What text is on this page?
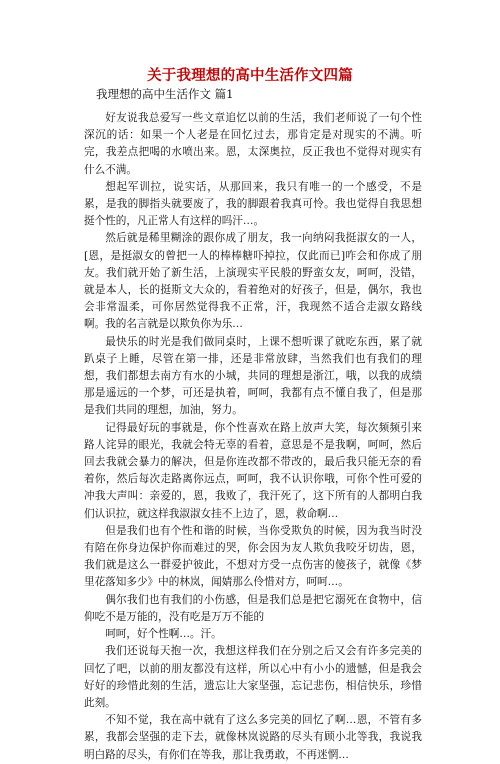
关于我理想的高中生活作文四篇
我理想的高中生活作文 篇1

好友说我总爱写一些文章追忆以前的生活，我们老师说了一句个性深沉的话：如果一个人老是在回忆过去，那肯定是对现实的不满。听完，我差点把喝的水喷出来。恩，太深奥拉，反正我也不觉得对现实有什么不满。

想起军训拉，说实话，从那回来，我只有唯一的一个感受，不是累，是我的脚指头就要废了，我的脚跟着我真可怜。我也觉得自我思想挺个性的，凡正常人有这样的吗汗…。

然后就是稀里糊涂的跟你成了朋友，我一向纳闷我挺淑女的一人，[恩，是挺淑女的曾把一人的棒棒糖吓掉拉，仅此而已]咋会和你成了朋友。我们就开始了新生活，上演现实平民般的野蛮女友，呵呵，没错，就是本人，长的挺斯文大众的，看着绝对的好孩子，但是，偶尔，我也会非常温柔，可你居然觉得我不正常，汗，我现然不适合走淑女路线啊。我的名言就是以欺负你为乐…

最快乐的时光是我们做同桌时，上课不想听课了就吃东西，累了就趴桌子上睡，尽管在第一排，还是非常放肆，当然我们也有我们的理想，我们都想去南方有水的小城，共同的理想是浙江，哦，以我的成绩那是遥远的一个梦，可还是执着，呵呵，我都有点不懂自我了，但是那是我们共同的理想，加油，努力。

记得最好玩的事就是，你个性喜欢在路上放声大笑，每次频频引来路人诧异的眼光，我就会特无辜的看着，意思是不是我啊，呵呵，然后回去我就会暴力的解决，但是你连改都不带改的，最后我只能无奈的看着你，然后每次走路离你远点，呵呵，我不认识你哦，可你个性可爱的冲我大声叫：亲爱的，恩，我败了，我汗死了，这下所有的人都明白我们认识拉，就这样我淑淑女挂不上边了，恩，救命啊…

但是我们也有个性和谐的时候，当你受欺负的时候，因为我当时没有陪在你身边保护你而难过的哭，你会因为友人欺负我咬牙切齿，恩，我们就是这么一群爱护彼此，不想对方受一点伤害的傻孩子，就像《梦里花落知多少》中的林岚，闻婧那么伶惜对方，呵呵…。

偶尔我们也有我们的小伤感，但是我们总是把它溺死在食物中，信仰吃不是万能的，没有吃是万万不能的

呵呵，好个性啊…。汗。

我们还说每天抱一次，我想这样我们在分别之后又会有许多完美的回忆了吧，以前的朋友都没有这样，所以心中有小小的遗憾，但是我会好好的珍惜此刻的生活，遗忘让大家坚强，忘记悲伤，相信快乐，珍惜此刻。

不知不觉，我在高中就有了这么多完美的回忆了啊…恩，不管有多累，我都会坚强的走下去，就像林岚说路的尽头有顾小北等我，我说我明白路的尽头，有你们在等我，那让我勇敢，不再迷惘…
